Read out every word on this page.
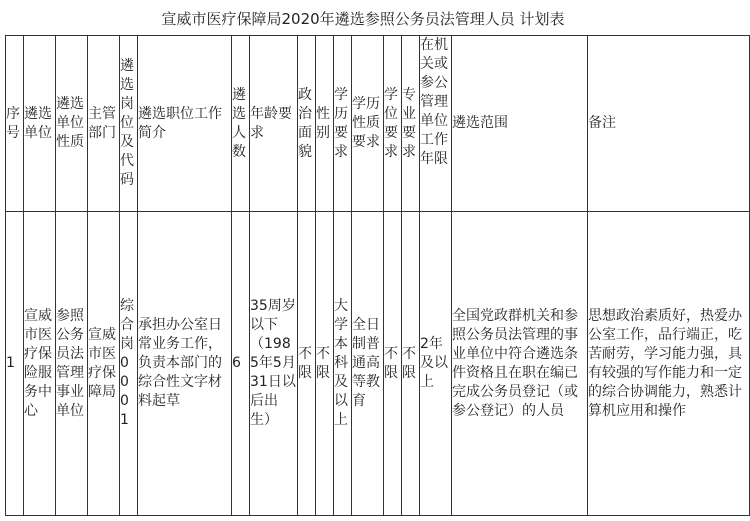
宣威市医疗保障局2020年遴选参照公务员法管理人员 计划表
序号	遴选单位	遴选单位性质	主管部门	遴选岗位及代码	遴选职位工作简介	遴选人数	年龄要求	政治面貌	性别	学历要求	学历性质要求	学位要求	专业要求	在机关或参公管理单位工作年限	遴选范围	备注
1	宣威市医疗保险服务中心	参照公务员法管理事业单位	宣威市医疗保障局	综合岗0001	承担办公室日常业务工作，负责本部门的综合性文字材料起草	6	35周岁以下（1985年5月31日以后出生）	不限	不限	大学本科及以上	全日制普通高等教育	不限	不限	2年及以上	全国党政群机关和参照公务员法管理的事业单位中符合遴选条件资格且在职在编已完成公务员登记（或参公登记）的人员	思想政治素质好，热爱办公室工作，品行端正，吃苦耐劳，学习能力强，具有较强的写作能力和一定的综合协调能力，熟悉计算机应用和操作
